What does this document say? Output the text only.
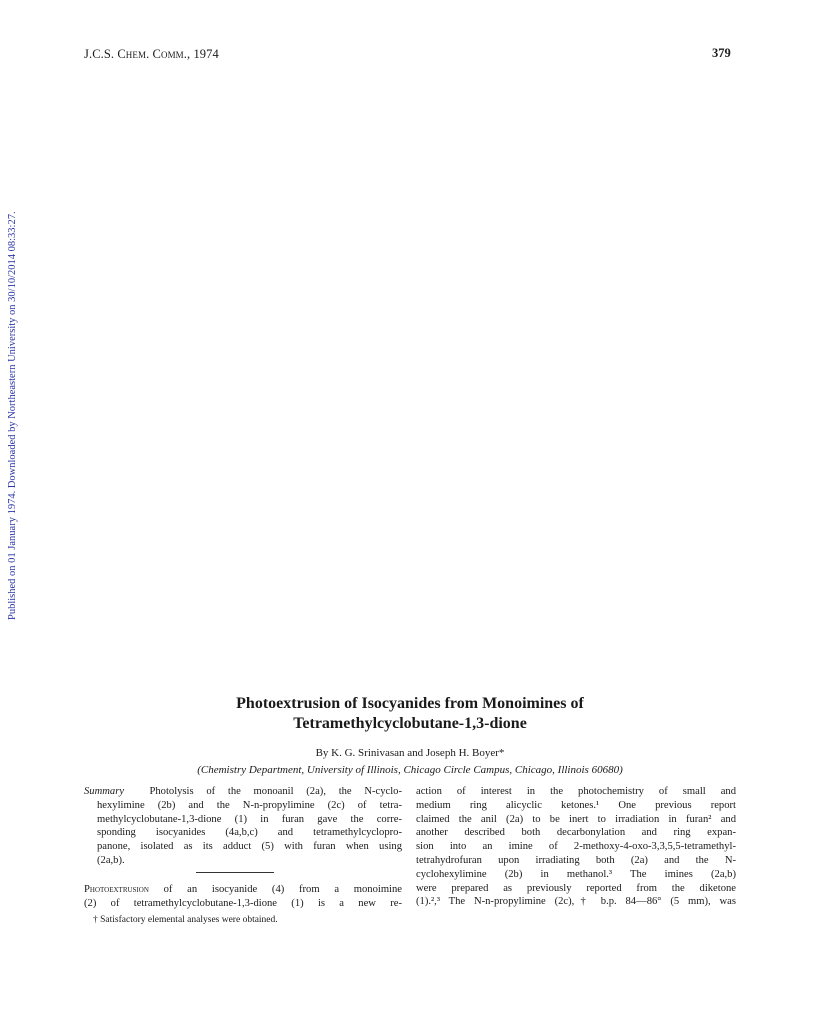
J.C.S. Chem. Comm., 1974	379
Published on 01 January 1974. Downloaded by Northeastern University on 30/10/2014 08:33:27.
Photoextrusion of Isocyanides from Monoimines of
Tetramethylcyclobutane-1,3-dione
By K. G. Srinivasan and Joseph H. Boyer*
(Chemistry Department, University of Illinois, Chicago Circle Campus, Chicago, Illinois 60680)
Summary Photolysis of the monoanil (2a), the N-cyclo-
hexylimine (2b) and the N-n-propylimine (2c) of tetra-
methylcyclobutane-1,3-dione (1) in furan gave the corre-
sponding isocyanides (4a,b,c) and tetramethylcyclopro-
panone, isolated as its adduct (5) with furan when using
(2a,b).
Photoextrusion of an isocyanide (4) from a monoimine
(2) of tetramethylcyclobutane-1,3-dione (1) is a new re-
† Satisfactory elemental analyses were obtained.
action of interest in the photochemistry of small and
medium ring alicyclic ketones.¹ One previous report
claimed the anil (2a) to be inert to irradiation in furan² and
another described both decarbonylation and ring expan-
sion into an imine of 2-methoxy-4-oxo-3,3,5,5-tetramethyl-
tetrahydrofuran upon irradiating both (2a) and the N-
cyclohexylimine (2b) in methanol.³ The imines (2a,b)
were prepared as previously reported from the diketone
(1).²,³ The N-n-propylimine (2c),† b.p. 84—86° (5 mm), was
